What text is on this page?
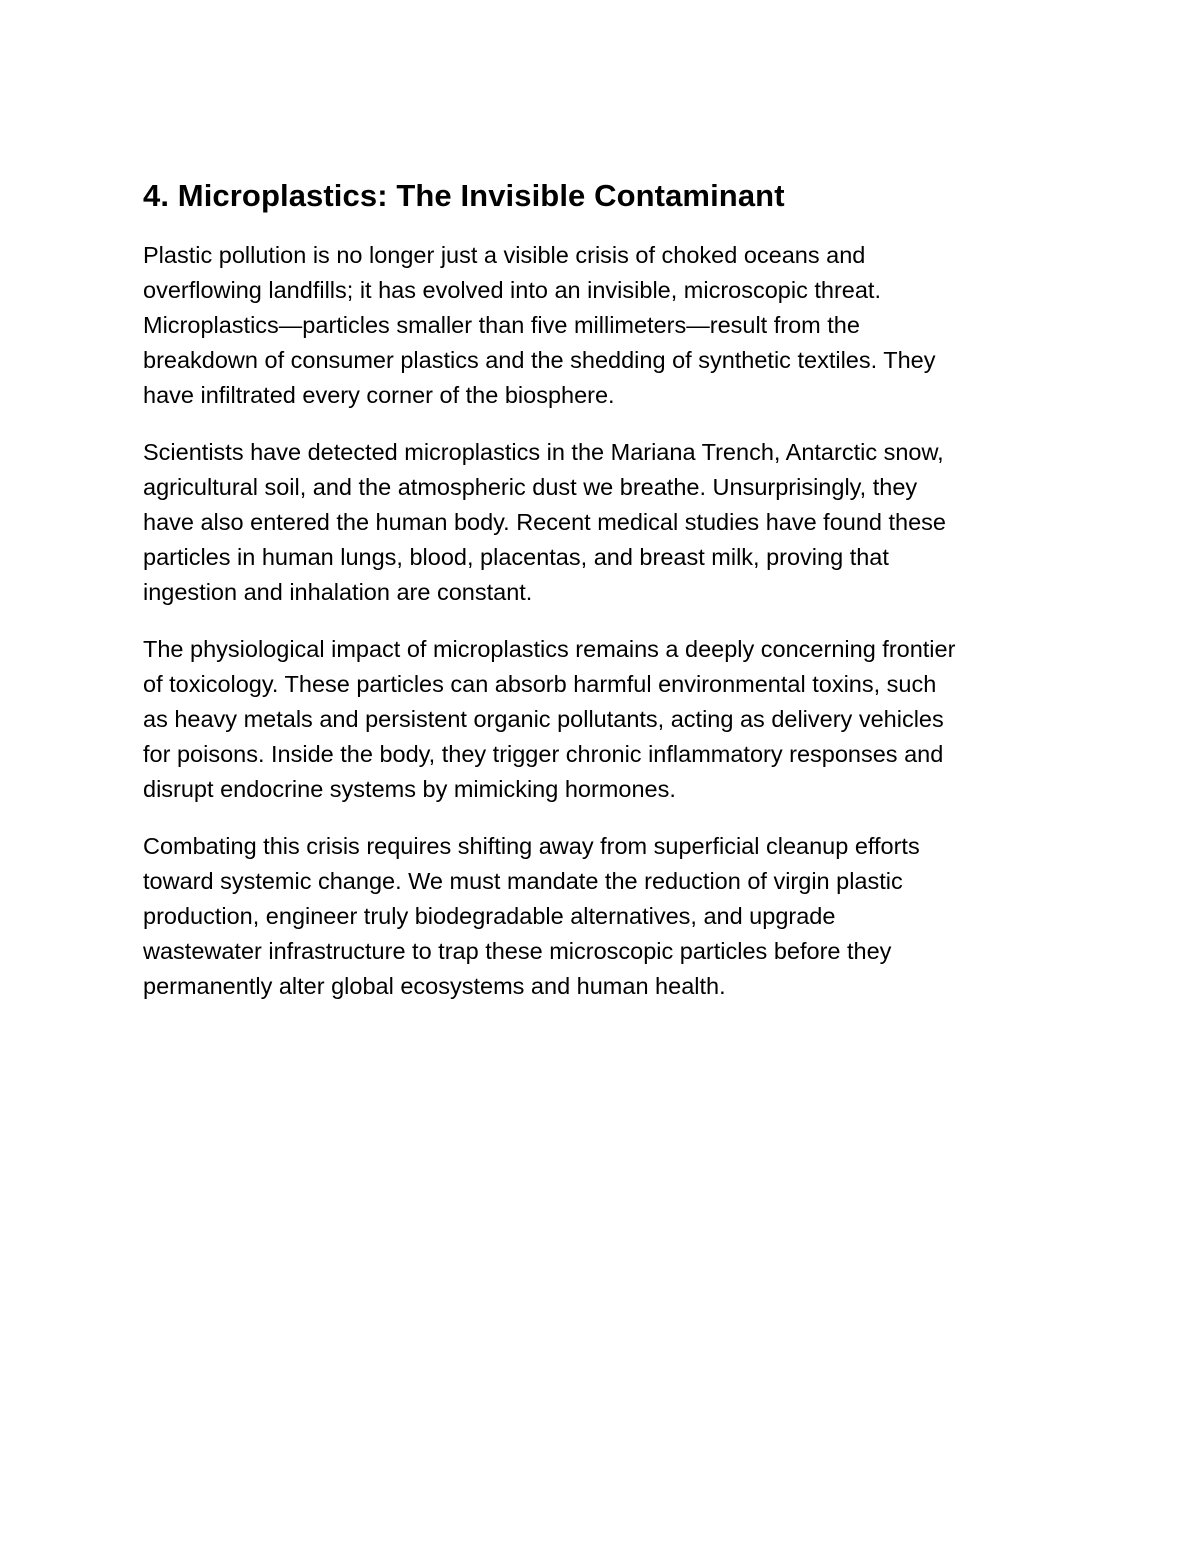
4. Microplastics: The Invisible Contaminant

Plastic pollution is no longer just a visible crisis of choked oceans and
overflowing landfills; it has evolved into an invisible, microscopic threat.
Microplastics—particles smaller than five millimeters—result from the
breakdown of consumer plastics and the shedding of synthetic textiles. They
have infiltrated every corner of the biosphere.

Scientists have detected microplastics in the Mariana Trench, Antarctic snow,
agricultural soil, and the atmospheric dust we breathe. Unsurprisingly, they
have also entered the human body. Recent medical studies have found these
particles in human lungs, blood, placentas, and breast milk, proving that
ingestion and inhalation are constant.

The physiological impact of microplastics remains a deeply concerning frontier
of toxicology. These particles can absorb harmful environmental toxins, such
as heavy metals and persistent organic pollutants, acting as delivery vehicles
for poisons. Inside the body, they trigger chronic inflammatory responses and
disrupt endocrine systems by mimicking hormones.

Combating this crisis requires shifting away from superficial cleanup efforts
toward systemic change. We must mandate the reduction of virgin plastic
production, engineer truly biodegradable alternatives, and upgrade
wastewater infrastructure to trap these microscopic particles before they
permanently alter global ecosystems and human health.
